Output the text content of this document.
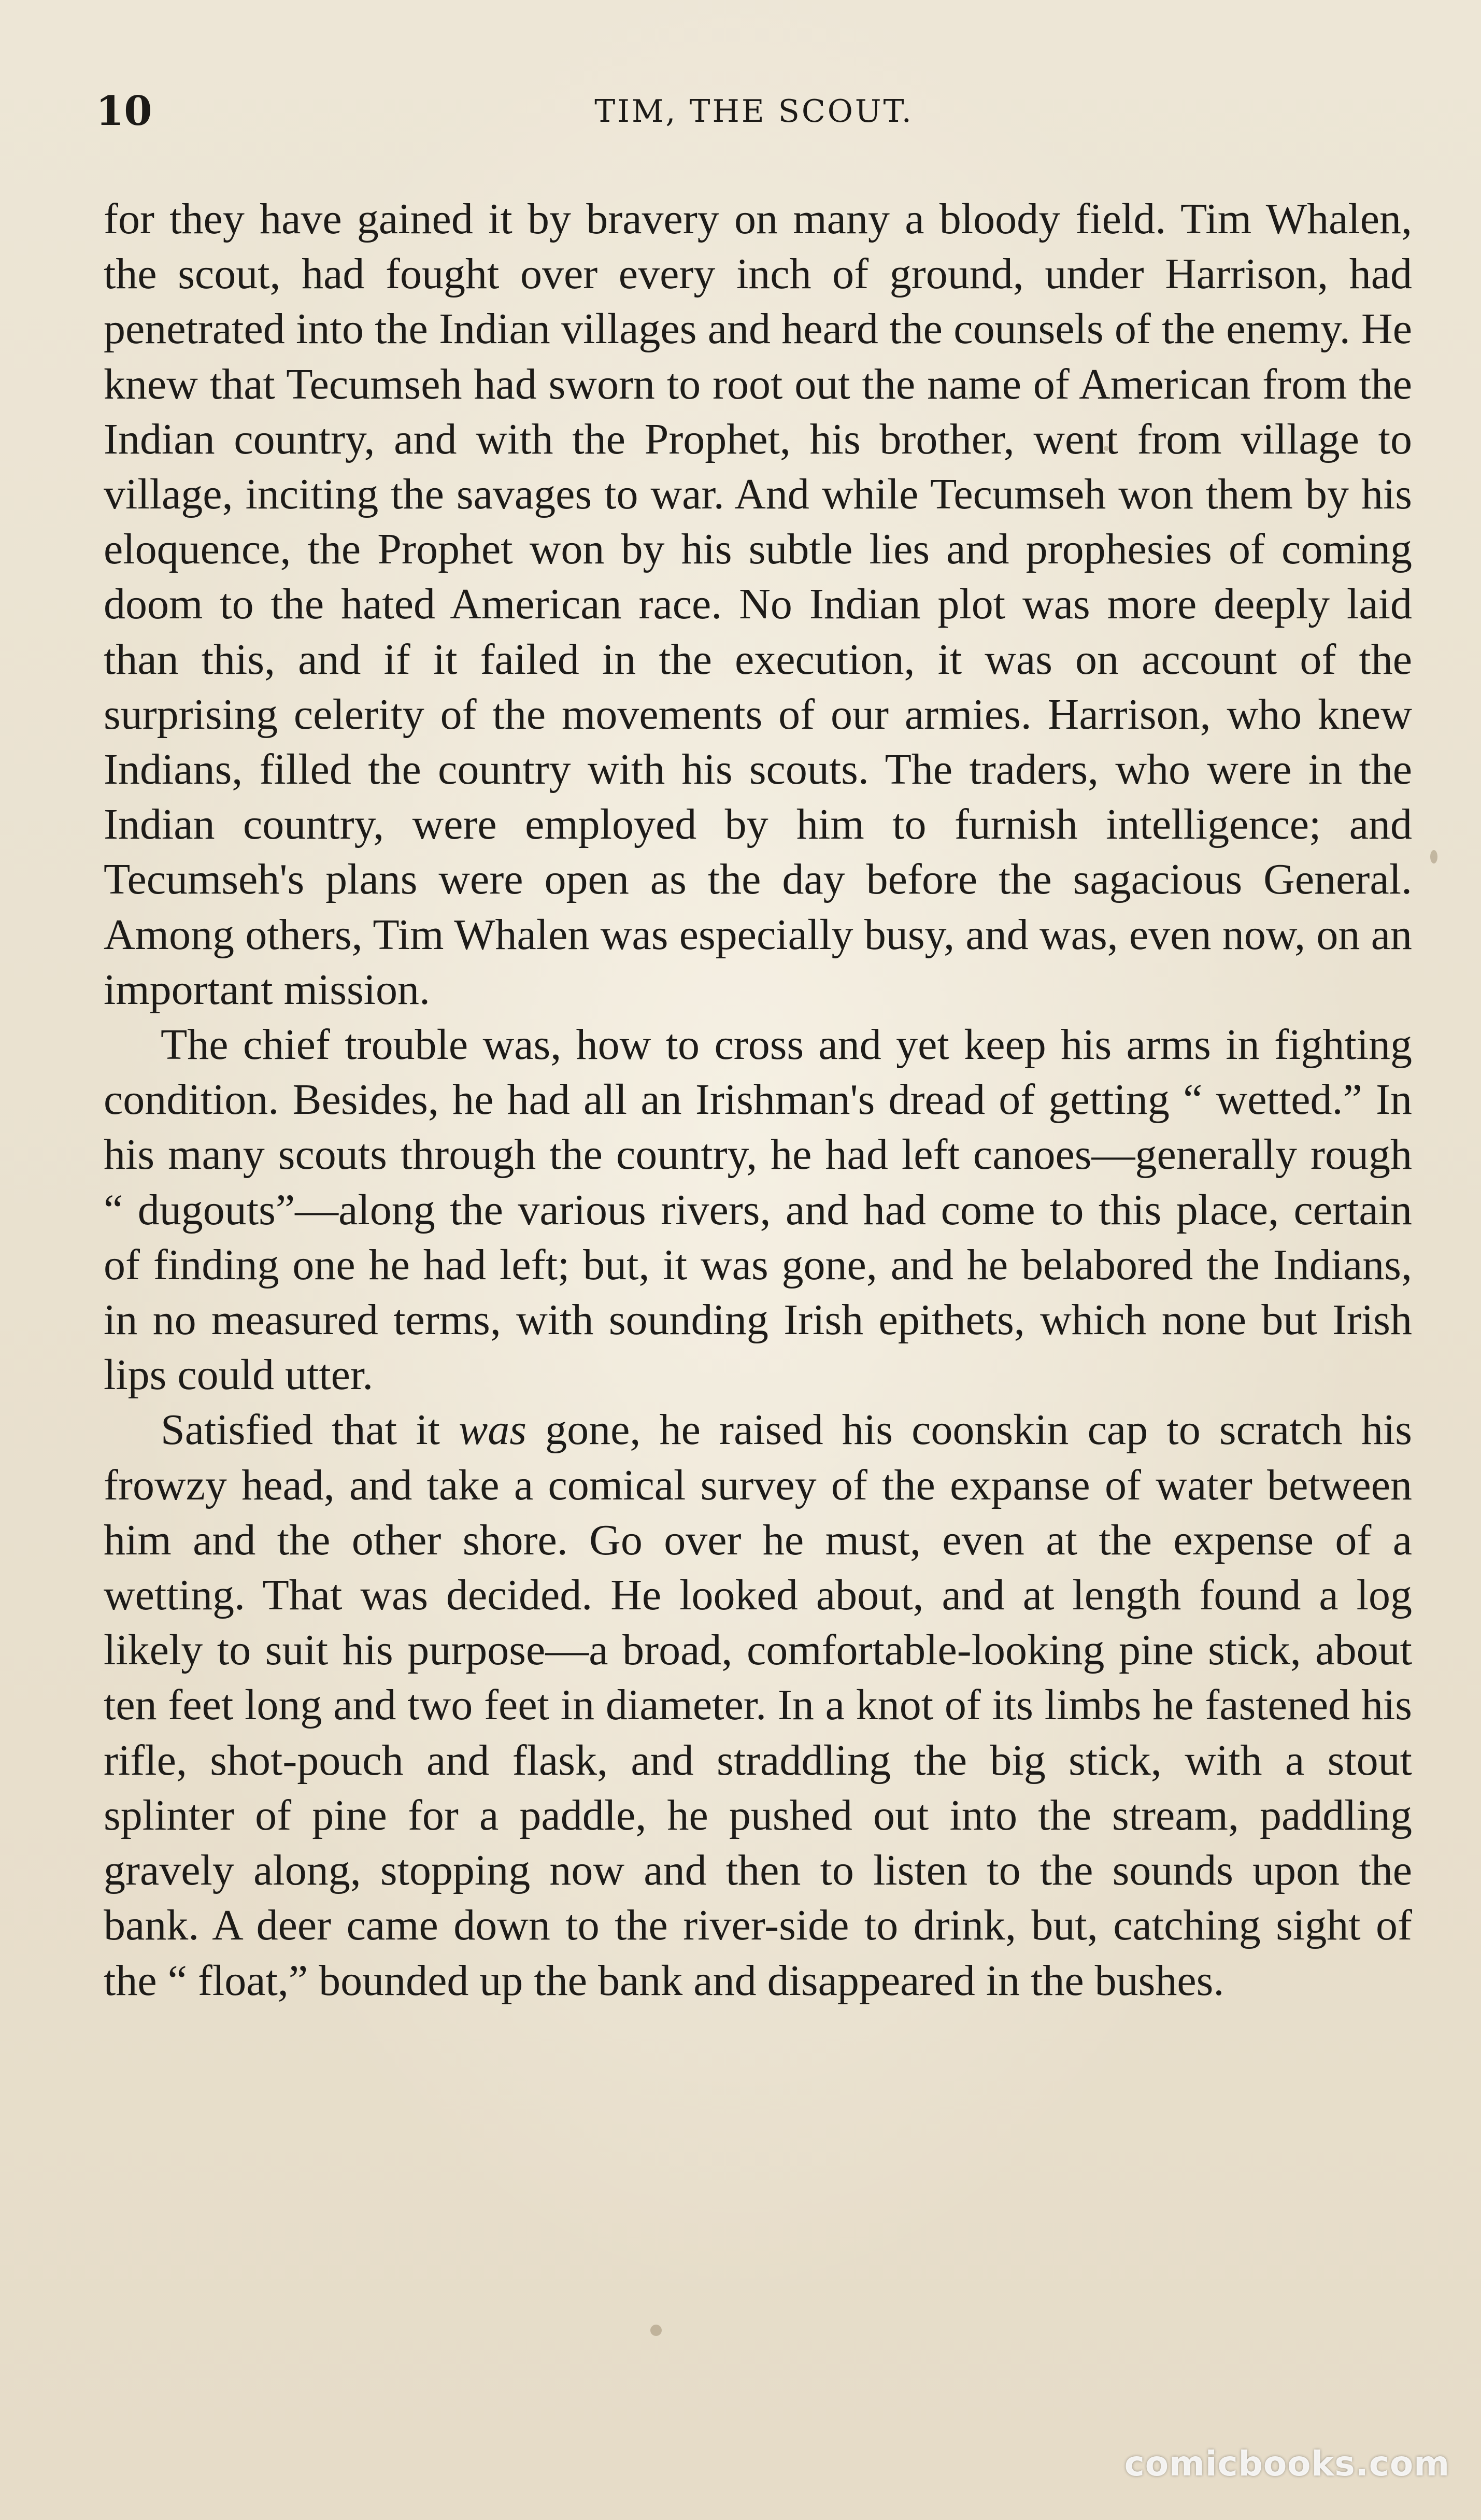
TIM, THE SCOUT.
10

for they have gained it by bravery on many a bloody field. Tim Whalen, the scout, had fought over every inch of ground, under Harrison, had penetrated into the Indian villages and heard the counsels of the enemy. He knew that Tecumseh had sworn to root out the name of American from the Indian country, and with the Prophet, his brother, went from village to village, inciting the savages to war. And while Tecumseh won them by his eloquence, the Prophet won by his subtle lies and prophesies of coming doom to the hated American race. No Indian plot was more deeply laid than this, and if it failed in the execution, it was on account of the surprising celerity of the movements of our armies. Harrison, who knew Indians, filled the country with his scouts. The traders, who were in the Indian country, were employed by him to furnish intelligence; and Tecumseh's plans were open as the day before the sagacious General. Among others, Tim Whalen was especially busy, and was, even now, on an important mission.

The chief trouble was, how to cross and yet keep his arms in fighting condition. Besides, he had all an Irishman's dread of getting “ wetted.” In his many scouts through the country, he had left canoes—generally rough “ dugouts”—along the various rivers, and had come to this place, certain of finding one he had left; but, it was gone, and he belabored the Indians, in no measured terms, with sounding Irish epithets, which none but Irish lips could utter.

Satisfied that it was gone, he raised his coonskin cap to scratch his frowzy head, and take a comical survey of the expanse of water between him and the other shore. Go over he must, even at the expense of a wetting. That was decided. He looked about, and at length found a log likely to suit his purpose—a broad, comfortable-looking pine stick, about ten feet long and two feet in diameter. In a knot of its limbs he fastened his rifle, shot-pouch and flask, and straddling the big stick, with a stout splinter of pine for a paddle, he pushed out into the stream, paddling gravely along, stopping now and then to listen to the sounds upon the bank. A deer came down to the river-side to drink, but, catching sight of the “ float,” bounded up the bank and disappeared in the bushes.

comicbooks.com
